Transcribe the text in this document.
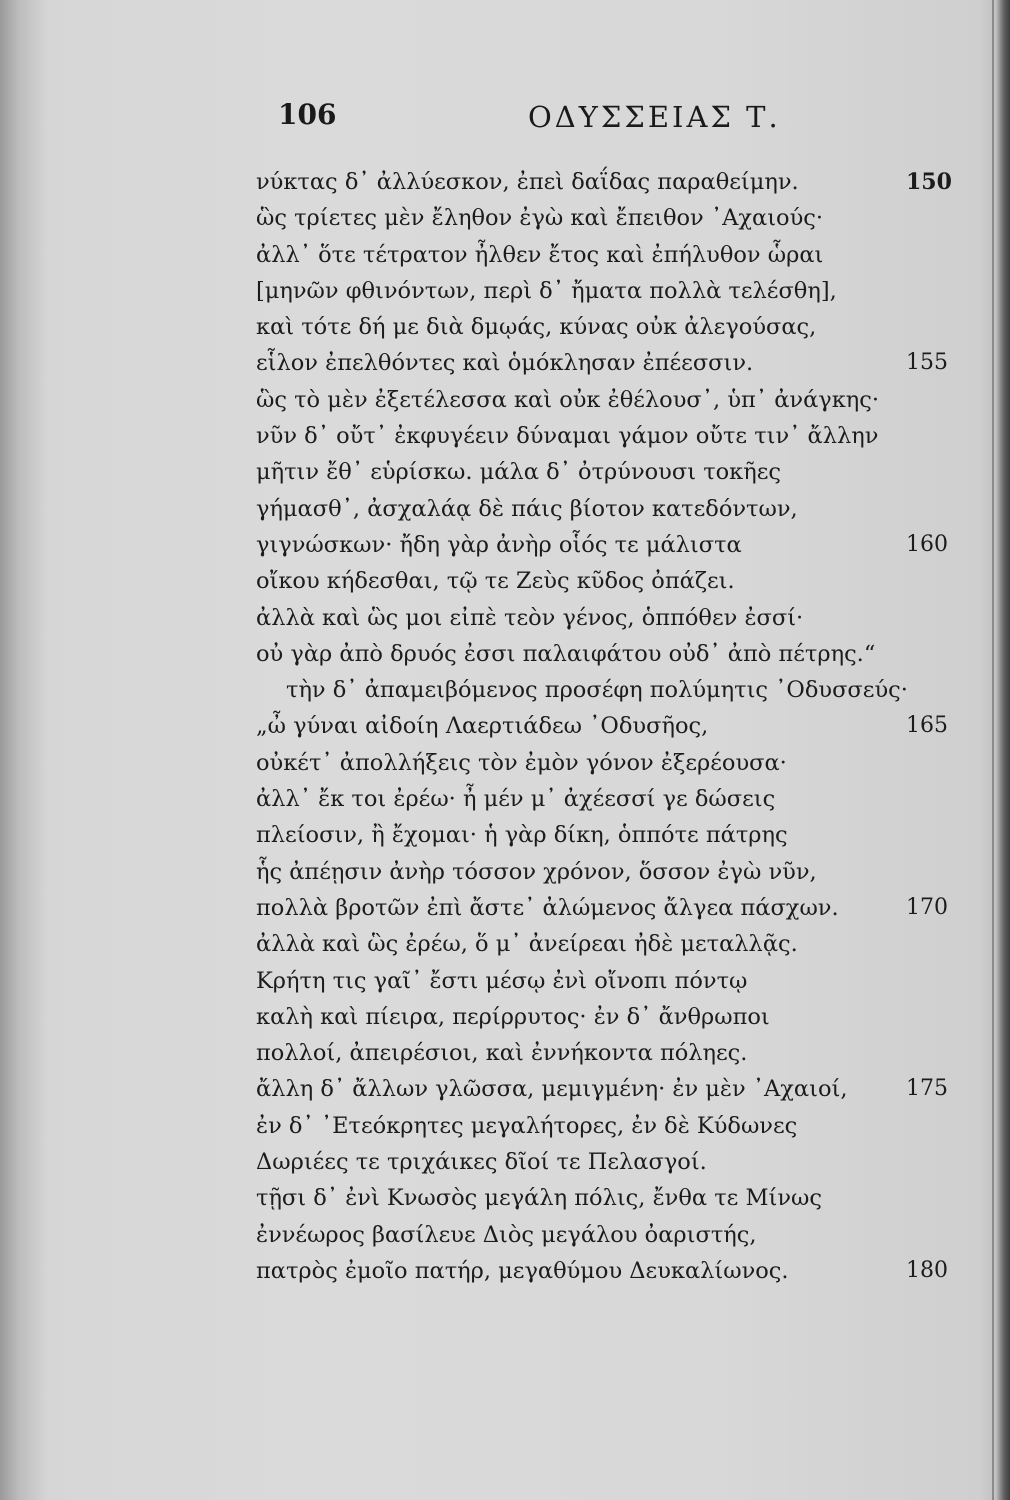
106	ΟΔΥΣΣΕΙΑΣ Τ.
νύκτας δ᾿ ἀλλύεσκον, ἐπεὶ δαΐδας παραθείμην.	150
ὣς τρίετες μὲν ἔληθον ἐγὼ καὶ ἔπειθον ᾿Αχαιούς·
ἀλλ᾿ ὅτε τέτρατον ἦλθεν ἔτος καὶ ἐπήλυθον ὧραι
[μηνῶν φθινόντων, περὶ δ᾿ ἤματα πολλὰ τελέσθη],
καὶ τότε δή με διὰ δμῳάς, κύνας οὐκ ἀλεγούσας,
εἷλον ἐπελθόντες καὶ ὁμόκλησαν ἐπέεσσιν.	155
ὣς τὸ μὲν ἐξετέλεσσα καὶ οὐκ ἐθέλουσ᾿, ὑπ᾿ ἀνάγκης·
νῦν δ᾿ οὔτ᾿ ἐκφυγέειν δύναμαι γάμον οὔτε τιν᾿ ἄλλην
μῆτιν ἔθ᾿ εὑρίσκω. μάλα δ᾿ ὀτρύνουσι τοκῆες
γήμασθ᾿, ἀσχαλάᾳ δὲ πάις βίοτον κατεδόντων,
γιγνώσκων· ἤδη γὰρ ἀνὴρ οἷός τε μάλιστα	160
οἴκου κήδεσθαι, τῷ τε Ζεὺς κῦδος ὀπάζει.
ἀλλὰ καὶ ὣς μοι εἰπὲ τεὸν γένος, ὁππόθεν ἐσσί·
οὐ γὰρ ἀπὸ δρυός ἐσσι παλαιφάτου οὐδ᾿ ἀπὸ πέτρης.“
τὴν δ᾿ ἀπαμειβόμενος προσέφη πολύμητις ᾿Οδυσσεύς·
„ὦ γύναι αἰδοίη Λαερτιάδεω ᾿Οδυσῆος,	165
οὐκέτ᾿ ἀπολλήξεις τὸν ἐμὸν γόνον ἐξερέουσα·
ἀλλ᾿ ἔκ τοι ἐρέω· ἦ μέν μ᾿ ἀχέεσσί γε δώσεις
πλείοσιν, ἢ ἔχομαι· ἡ γὰρ δίκη, ὁππότε πάτρης
ἧς ἀπέῃσιν ἀνὴρ τόσσον χρόνον, ὅσσον ἐγὼ νῦν,
πολλὰ βροτῶν ἐπὶ ἄστε᾿ ἀλώμενος ἄλγεα πάσχων.	170
ἀλλὰ καὶ ὣς ἐρέω, ὅ μ᾿ ἀνείρεαι ἠδὲ μεταλλᾷς.
Κρήτη τις γαῖ᾿ ἔστι μέσῳ ἐνὶ οἴνοπι πόντῳ
καλὴ καὶ πίειρα, περίρρυτος· ἐν δ᾿ ἄνθρωποι
πολλοί, ἀπειρέσιοι, καὶ ἐννήκοντα πόληες.
ἄλλη δ᾿ ἄλλων γλῶσσα, μεμιγμένη· ἐν μὲν ᾿Αχαιοί,	175
ἐν δ᾿ ᾿Ετεόκρητες μεγαλήτορες, ἐν δὲ Κύδωνες
Δωριέες τε τριχάικες δῖοί τε Πελασγοί.
τῇσι δ᾿ ἐνὶ Κνωσὸς μεγάλη πόλις, ἔνθα τε Μίνως
ἐννέωρος βασίλευε Διὸς μεγάλου ὀαριστής,
πατρὸς ἐμοῖο πατήρ, μεγαθύμου Δευκαλίωνος.	180
